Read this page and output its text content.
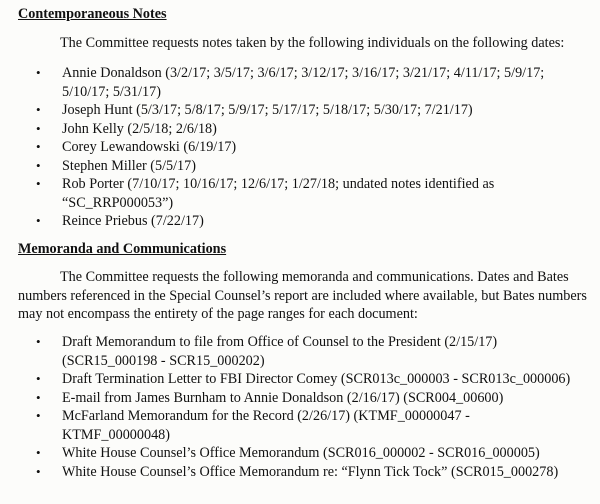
Contemporaneous Notes
The Committee requests notes taken by the following individuals on the following dates:
• Annie Donaldson (3/2/17; 3/5/17; 3/6/17; 3/12/17; 3/16/17; 3/21/17; 4/11/17; 5/9/17; 5/10/17; 5/31/17)
• Joseph Hunt (5/3/17; 5/8/17; 5/9/17; 5/17/17; 5/18/17; 5/30/17; 7/21/17)
• John Kelly (2/5/18; 2/6/18)
• Corey Lewandowski (6/19/17)
• Stephen Miller (5/5/17)
• Rob Porter (7/10/17; 10/16/17; 12/6/17; 1/27/18; undated notes identified as “SC_RRP000053”)
• Reince Priebus (7/22/17)
Memoranda and Communications
The Committee requests the following memoranda and communications. Dates and Bates numbers referenced in the Special Counsel’s report are included where available, but Bates numbers may not encompass the entirety of the page ranges for each document:
• Draft Memorandum to file from Office of Counsel to the President (2/15/17) (SCR15_000198 - SCR15_000202)
• Draft Termination Letter to FBI Director Comey (SCR013c_000003 - SCR013c_000006)
• E-mail from James Burnham to Annie Donaldson (2/16/17) (SCR004_00600)
• McFarland Memorandum for the Record (2/26/17) (KTMF_00000047 - KTMF_00000048)
• White House Counsel’s Office Memorandum (SCR016_000002 - SCR016_000005)
• White House Counsel’s Office Memorandum re: “Flynn Tick Tock” (SCR015_000278)
